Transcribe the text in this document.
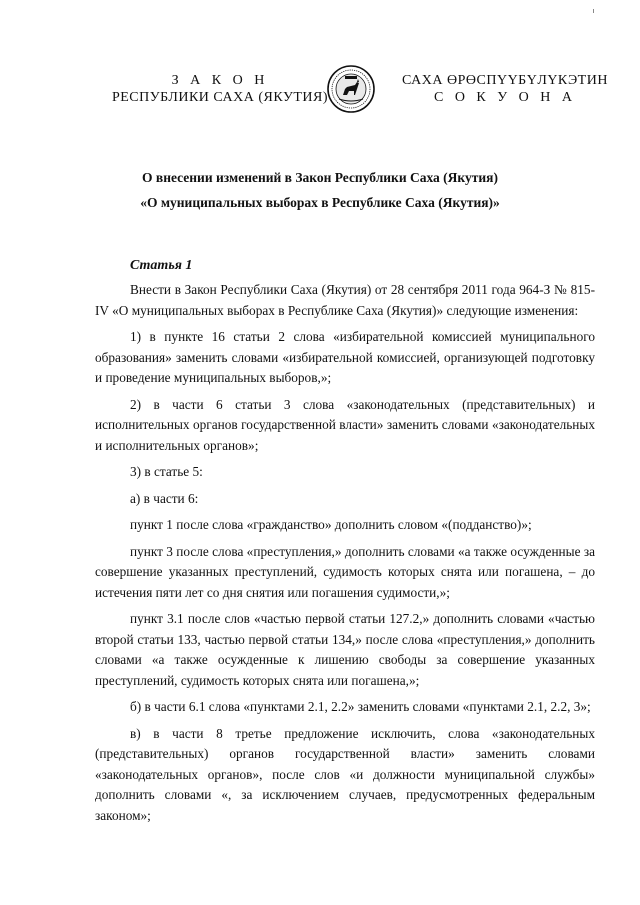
З А К О Н
РЕСПУБЛИКИ САХА (ЯКУТИЯ)
САХА ӨРӨСПҮҮБҮЛҮКЭТИН
С О К У О Н А
О внесении изменений в Закон Республики Саха (Якутия)
«О муниципальных выборах в Республике Саха (Якутия)»
Статья 1

Внести в Закон Республики Саха (Якутия) от 28 сентября 2011 года 964-З № 815-IV «О муниципальных выборах в Республике Саха (Якутия)» следующие изменения:

1) в пункте 16 статьи 2 слова «избирательной комиссией муниципального образования» заменить словами «избирательной комиссией, организующей подготовку и проведение муниципальных выборов,»;

2) в части 6 статьи 3 слова «законодательных (представительных) и исполнительных органов государственной власти» заменить словами «законодательных и исполнительных органов»;

3) в статье 5:

а) в части 6:

пункт 1 после слова «гражданство» дополнить словом «(подданство)»;

пункт 3 после слова «преступления,» дополнить словами «а также осужденные за совершение указанных преступлений, судимость которых снята или погашена, – до истечения пяти лет со дня снятия или погашения судимости,»;

пункт 3.1 после слов «частью первой статьи 127.2,» дополнить словами «частью второй статьи 133, частью первой статьи 134,» после слова «преступления,» дополнить словами «а также осужденные к лишению свободы за совершение указанных преступлений, судимость которых снята или погашена,»;

б) в части 6.1 слова «пунктами 2.1, 2.2» заменить словами «пунктами 2.1, 2.2, 3»;

в) в части 8 третье предложение исключить, слова «законодательных (представительных) органов государственной власти» заменить словами «законодательных органов», после слов «и должности муниципальной службы» дополнить словами «, за исключением случаев, предусмотренных федеральным законом»;
